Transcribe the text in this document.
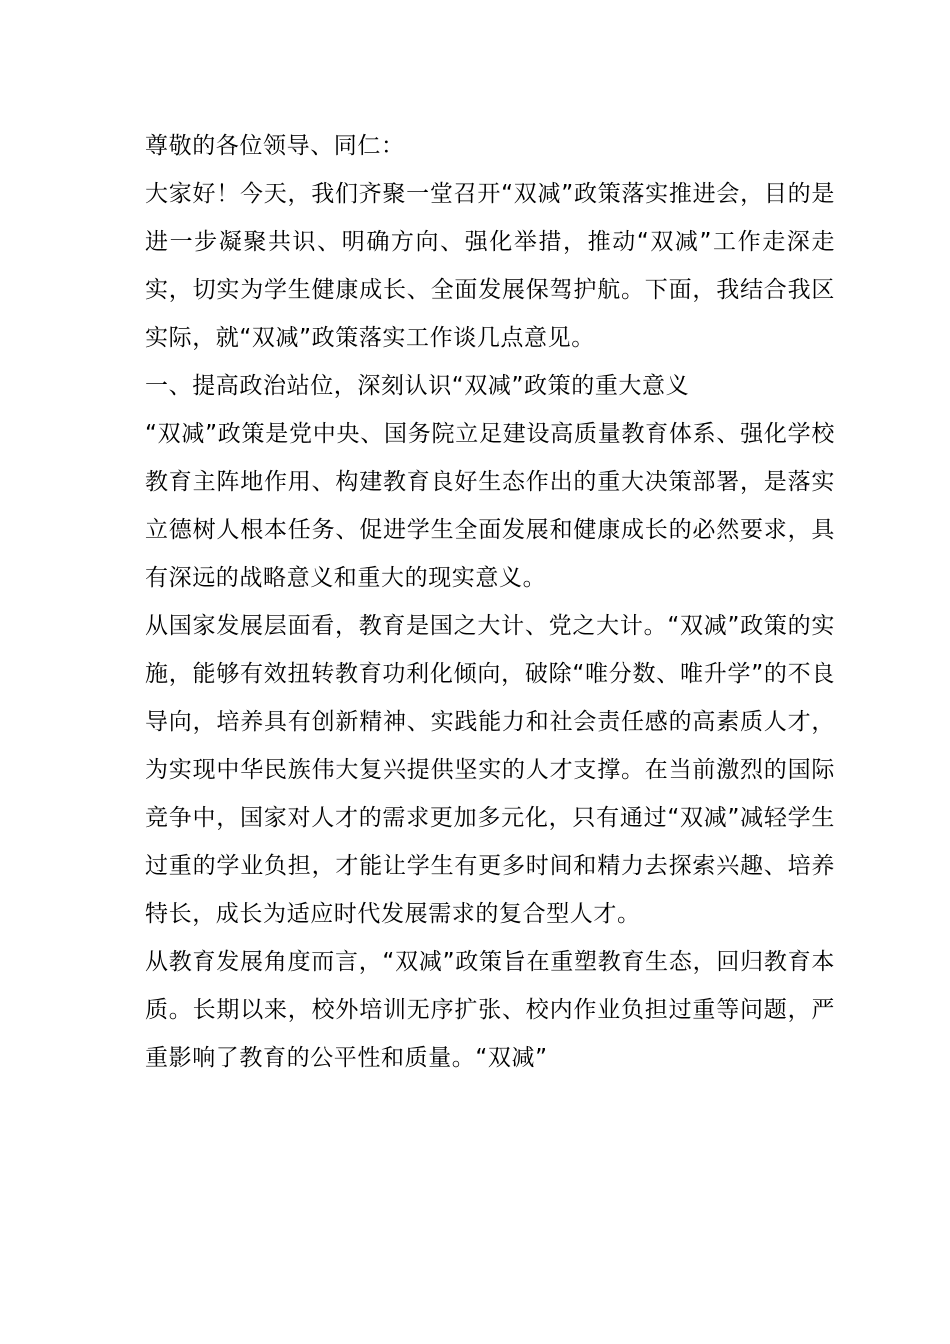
尊敬的各位领导、同仁：

大家好！今天，我们齐聚一堂召开“双减”政策落实推进会，目的是进一步凝聚共识、明确方向、强化举措，推动“双减”工作走深走实，切实为学生健康成长、全面发展保驾护航。下面，我结合我区实际，就“双减”政策落实工作谈几点意见。

一、提高政治站位，深刻认识“双减”政策的重大意义

“双减”政策是党中央、国务院立足建设高质量教育体系、强化学校教育主阵地作用、构建教育良好生态作出的重大决策部署，是落实立德树人根本任务、促进学生全面发展和健康成长的必然要求，具有深远的战略意义和重大的现实意义。

从国家发展层面看，教育是国之大计、党之大计。“双减”政策的实施，能够有效扭转教育功利化倾向，破除“唯分数、唯升学”的不良导向，培养具有创新精神、实践能力和社会责任感的高素质人才，为实现中华民族伟大复兴提供坚实的人才支撑。在当前激烈的国际竞争中，国家对人才的需求更加多元化，只有通过“双减”减轻学生过重的学业负担，才能让学生有更多时间和精力去探索兴趣、培养特长，成长为适应时代发展需求的复合型人才。

从教育发展角度而言，“双减”政策旨在重塑教育生态，回归教育本质。长期以来，校外培训无序扩张、校内作业负担过重等问题，严重影响了教育的公平性和质量。“双减”
